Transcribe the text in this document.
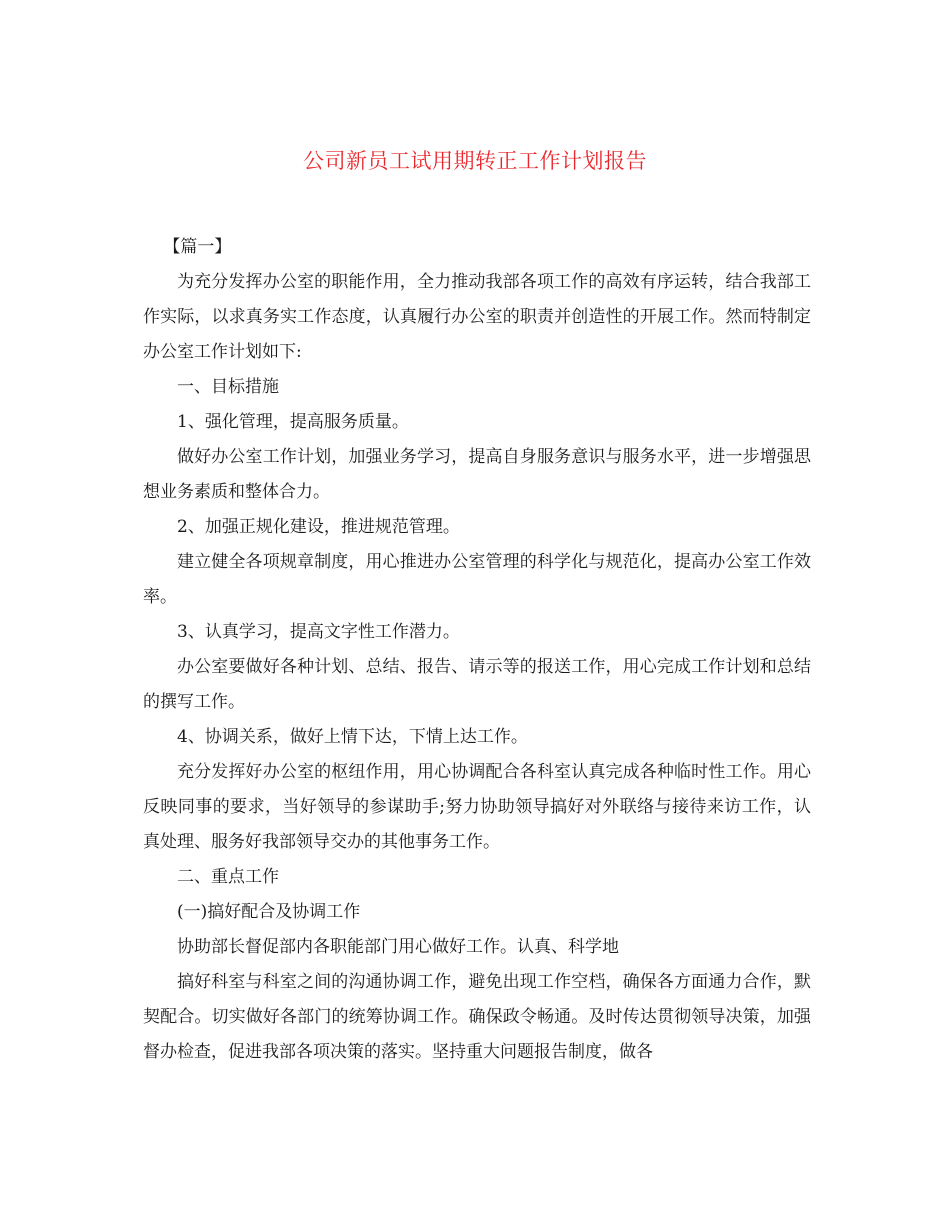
公司新员工试用期转正工作计划报告

【篇一】

为充分发挥办公室的职能作用，全力推动我部各项工作的高效有序运转，结合我部工作实际，以求真务实工作态度，认真履行办公室的职责并创造性的开展工作。然而特制定办公室工作计划如下:

一、目标措施

1、强化管理，提高服务质量。

做好办公室工作计划，加强业务学习，提高自身服务意识与服务水平，进一步增强思想业务素质和整体合力。

2、加强正规化建设，推进规范管理。

建立健全各项规章制度，用心推进办公室管理的科学化与规范化，提高办公室工作效率。

3、认真学习，提高文字性工作潜力。

办公室要做好各种计划、总结、报告、请示等的报送工作，用心完成工作计划和总结的撰写工作。

4、协调关系，做好上情下达，下情上达工作。

充分发挥好办公室的枢纽作用，用心协调配合各科室认真完成各种临时性工作。用心反映同事的要求，当好领导的参谋助手;努力协助领导搞好对外联络与接待来访工作，认真处理、服务好我部领导交办的其他事务工作。

二、重点工作

(一)搞好配合及协调工作

协助部长督促部内各职能部门用心做好工作。认真、科学地

搞好科室与科室之间的沟通协调工作，避免出现工作空档，确保各方面通力合作，默契配合。切实做好各部门的统筹协调工作。确保政令畅通。及时传达贯彻领导决策，加强督办检查，促进我部各项决策的落实。坚持重大问题报告制度，做各
